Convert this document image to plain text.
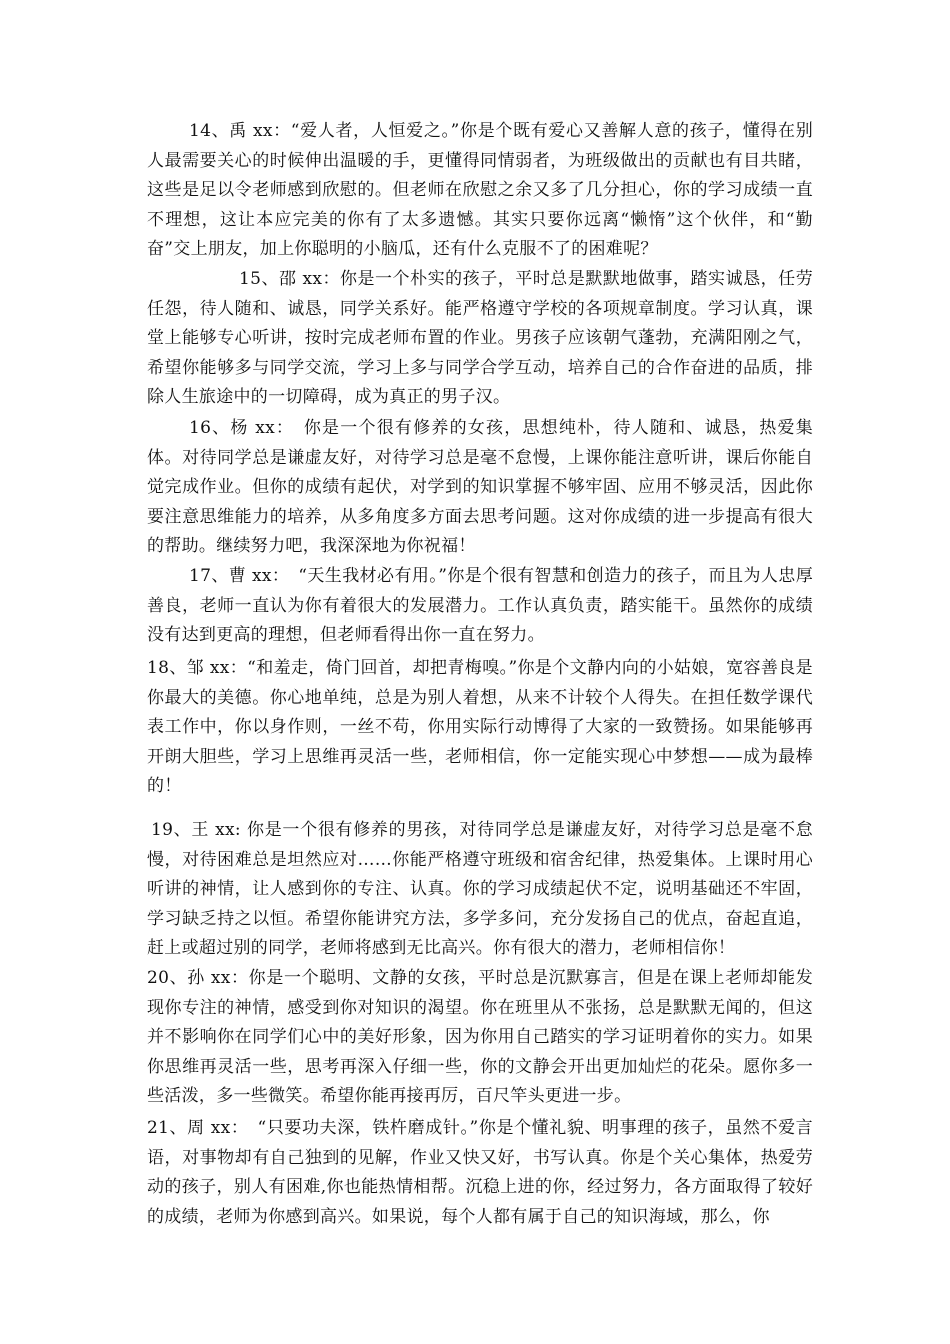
14、禹 xx：“爱人者，人恒爱之。”你是个既有爱心又善解人意的孩子，懂得在别人最需要关心的时候伸出温暖的手，更懂得同情弱者，为班级做出的贡献也有目共睹，这些是足以令老师感到欣慰的。但老师在欣慰之余又多了几分担心，你的学习成绩一直不理想，这让本应完美的你有了太多遗憾。其实只要你远离“懒惰”这个伙伴，和“勤奋”交上朋友，加上你聪明的小脑瓜，还有什么克服不了的困难呢？

15、邵 xx：你是一个朴实的孩子，平时总是默默地做事，踏实诚恳，任劳任怨，待人随和、诚恳，同学关系好。能严格遵守学校的各项规章制度。学习认真，课堂上能够专心听讲，按时完成老师布置的作业。男孩子应该朝气蓬勃，充满阳刚之气，希望你能够多与同学交流，学习上多与同学合学互动，培养自己的合作奋进的品质，排除人生旅途中的一切障碍，成为真正的男子汉。

16、杨 xx：　你是一个很有修养的女孩，思想纯朴，待人随和、诚恳，热爱集体。对待同学总是谦虚友好，对待学习总是毫不怠慢，上课你能注意听讲，课后你能自觉完成作业。但你的成绩有起伏，对学到的知识掌握不够牢固、应用不够灵活，因此你要注意思维能力的培养，从多角度多方面去思考问题。这对你成绩的进一步提高有很大的帮助。继续努力吧，我深深地为你祝福！

17、曹 xx：　“天生我材必有用。”你是个很有智慧和创造力的孩子，而且为人忠厚善良，老师一直认为你有着很大的发展潜力。工作认真负责，踏实能干。虽然你的成绩没有达到更高的理想，但老师看得出你一直在努力。

18、邹 xx：“和羞走，倚门回首，却把青梅嗅。”你是个文静内向的小姑娘，宽容善良是你最大的美德。你心地单纯，总是为别人着想，从来不计较个人得失。在担任数学课代表工作中，你以身作则，一丝不苟，你用实际行动博得了大家的一致赞扬。如果能够再开朗大胆些，学习上思维再灵活一些，老师相信，你一定能实现心中梦想——成为最棒的！

19、王 xx: 你是一个很有修养的男孩，对待同学总是谦虚友好，对待学习总是毫不怠慢，对待困难总是坦然应对……你能严格遵守班级和宿舍纪律，热爱集体。上课时用心听讲的神情，让人感到你的专注、认真。你的学习成绩起伏不定，说明基础还不牢固，学习缺乏持之以恒。希望你能讲究方法，多学多问，充分发扬自己的优点，奋起直追，赶上或超过别的同学，老师将感到无比高兴。你有很大的潜力，老师相信你！

20、孙 xx：你是一个聪明、文静的女孩，平时总是沉默寡言，但是在课上老师却能发现你专注的神情，感受到你对知识的渴望。你在班里从不张扬，总是默默无闻的，但这并不影响你在同学们心中的美好形象，因为你用自己踏实的学习证明着你的实力。如果你思维再灵活一些，思考再深入仔细一些，你的文静会开出更加灿烂的花朵。愿你多一些活泼，多一些微笑。希望你能再接再厉，百尺竿头更进一步。

21、周 xx：　“只要功夫深，铁杵磨成针。”你是个懂礼貌、明事理的孩子，虽然不爱言语，对事物却有自己独到的见解，作业又快又好，书写认真。你是个关心集体，热爱劳动的孩子，别人有困难,你也能热情相帮。沉稳上进的你，经过努力，各方面取得了较好的成绩，老师为你感到高兴。如果说，每个人都有属于自己的知识海域，那么，你
